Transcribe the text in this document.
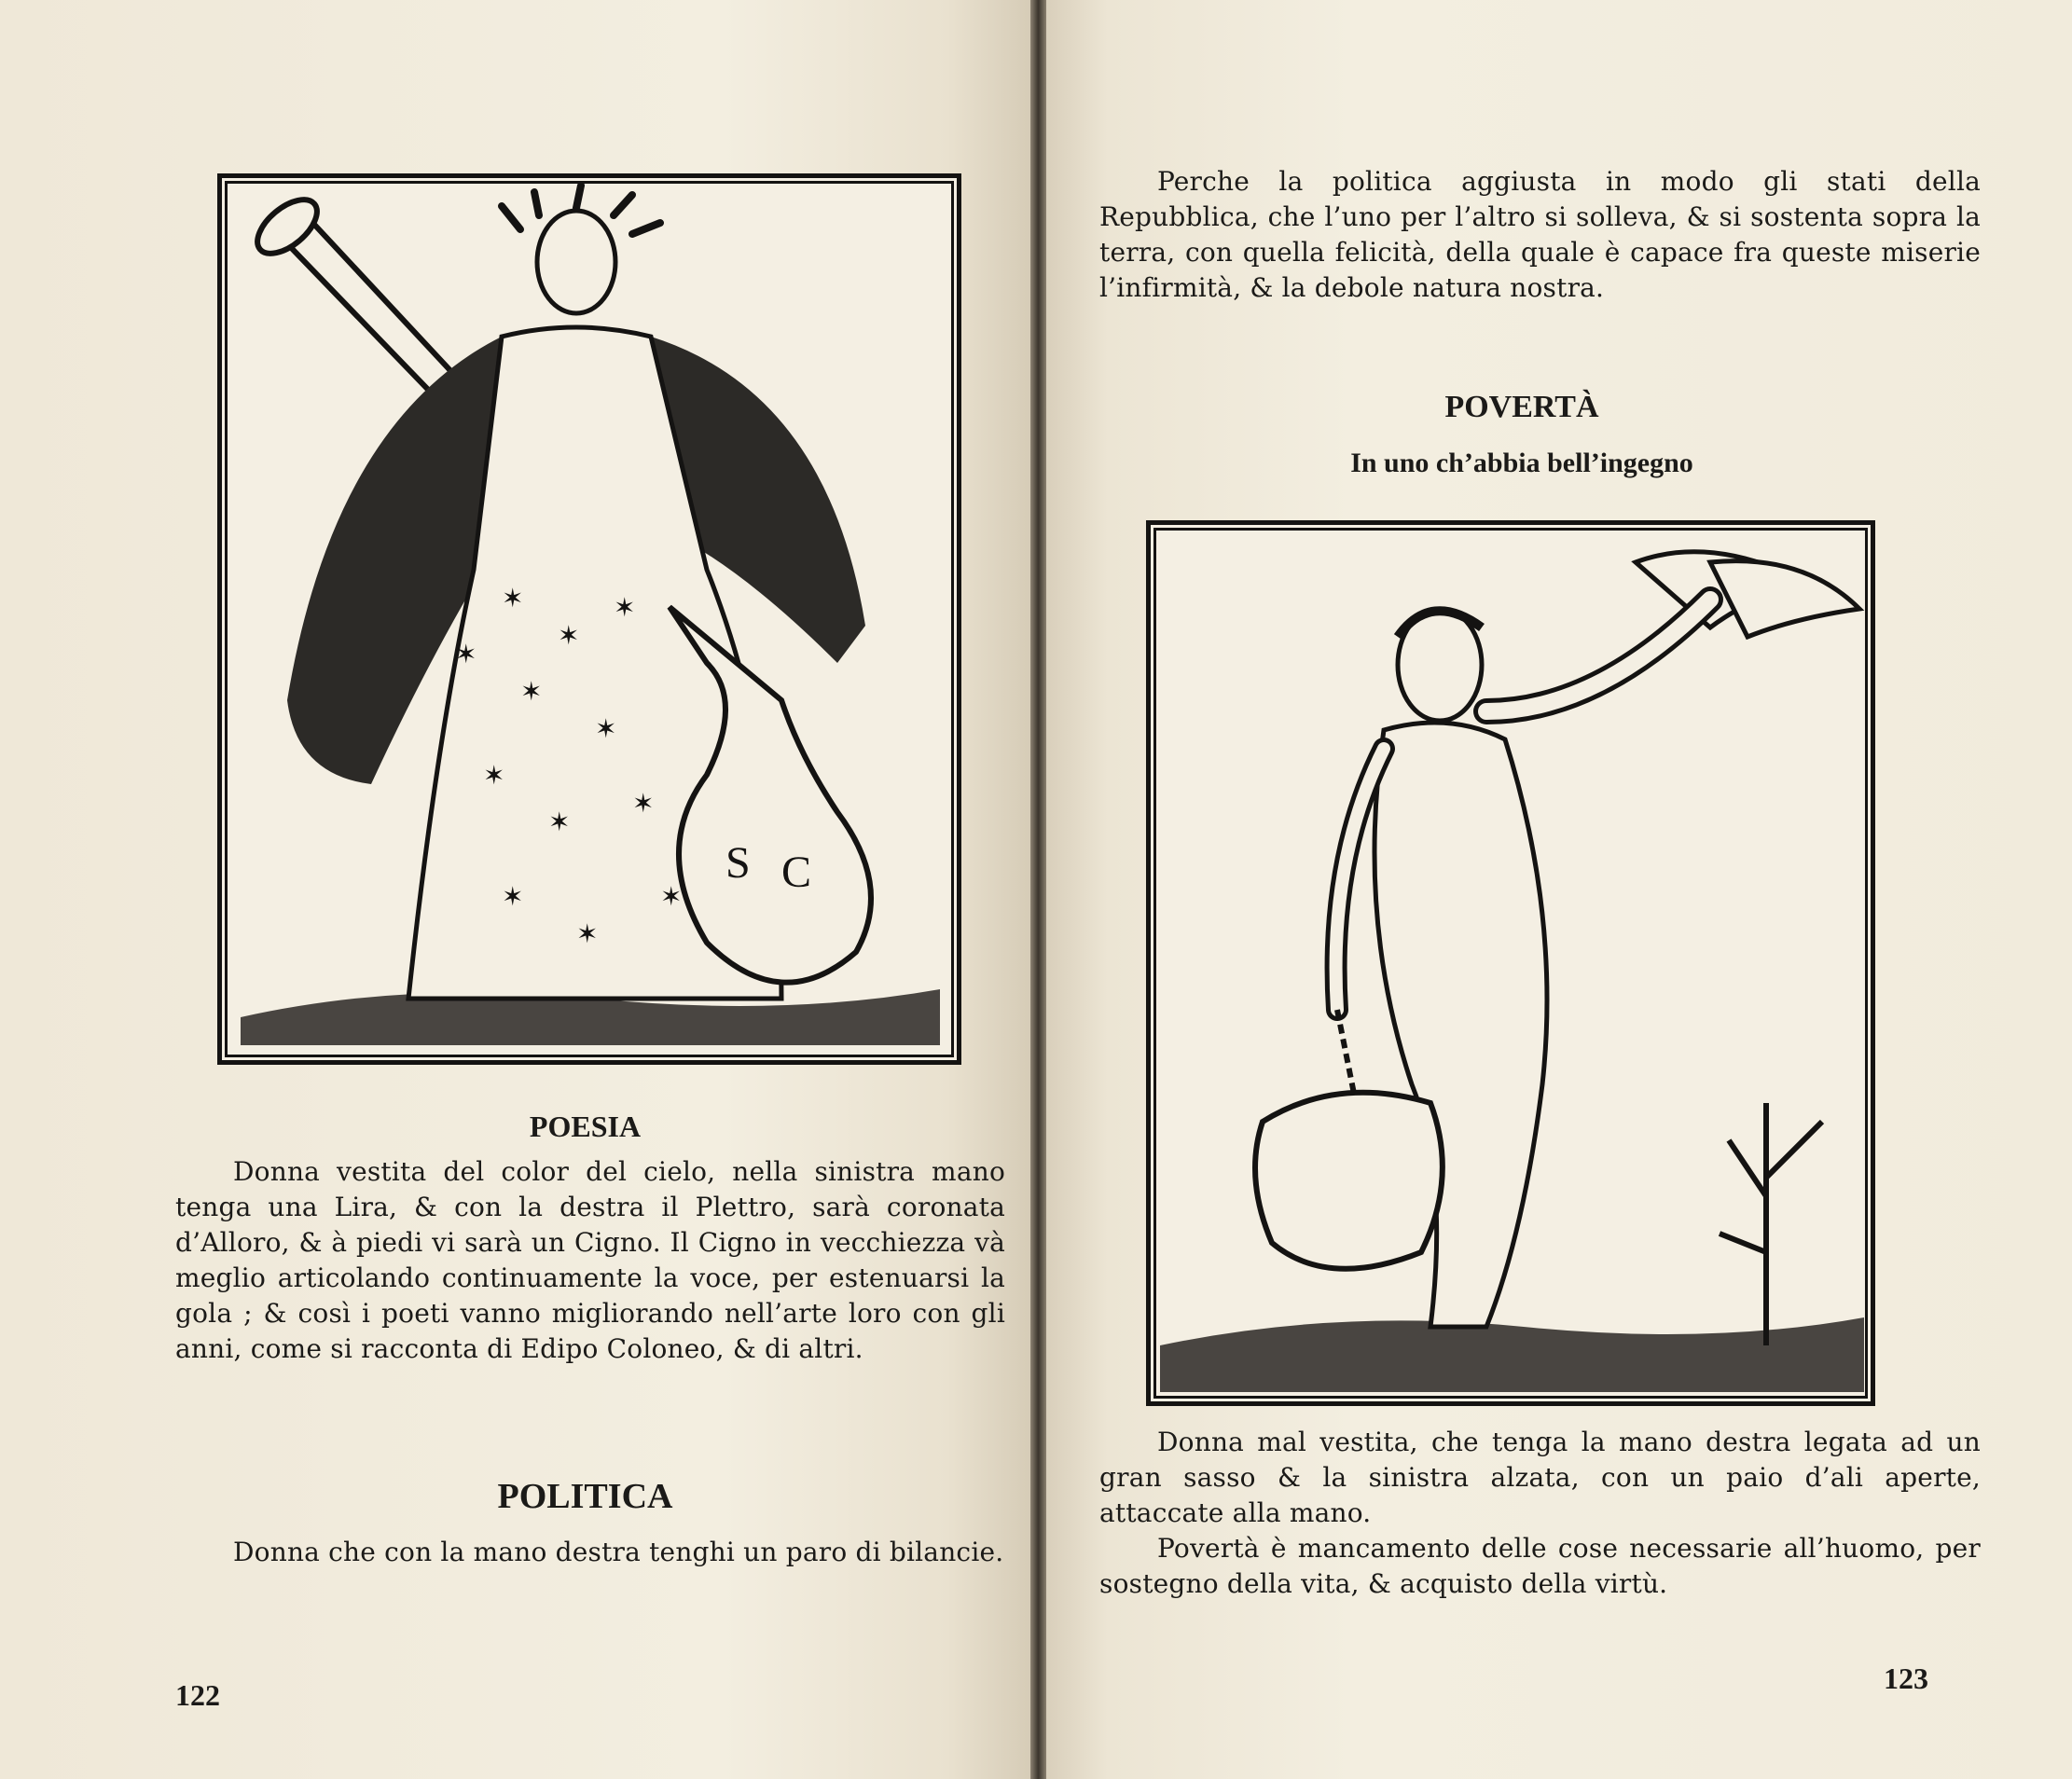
✶
✶
✶
✶
✶
✶
✶
✶
✶
✶
✶
✶
S C
POESIA

Donna vestita del color del cielo, nella sinistra mano tenga una Lira, & con la destra il Plettro, sarà coronata d’Alloro, & à piedi vi sarà un Cigno. Il Cigno in vecchiezza và meglio articolando continuamente la voce, per estenuarsi la gola ; & così i poeti vanno migliorando nell’arte loro con gli anni, come si racconta di Edipo Coloneo, & di altri.

POLITICA

Donna che con la mano destra tenghi un paro di bilancie.

122

Perche la politica aggiusta in modo gli stati della Repubblica, che l’uno per l’altro si solleva, & si sostenta sopra la terra, con quella felicità, della quale è capace fra queste miserie l’infirmità, & la debole natura nostra.

POVERTÀ
In uno ch’abbia bell’ingegno

Donna mal vestita, che tenga la mano destra legata ad un gran sasso & la sinistra alzata, con un paio d’ali aperte, attaccate alla mano.

Povertà è mancamento delle cose necessarie all’huomo, per sostegno della vita, & acquisto della virtù.

123
